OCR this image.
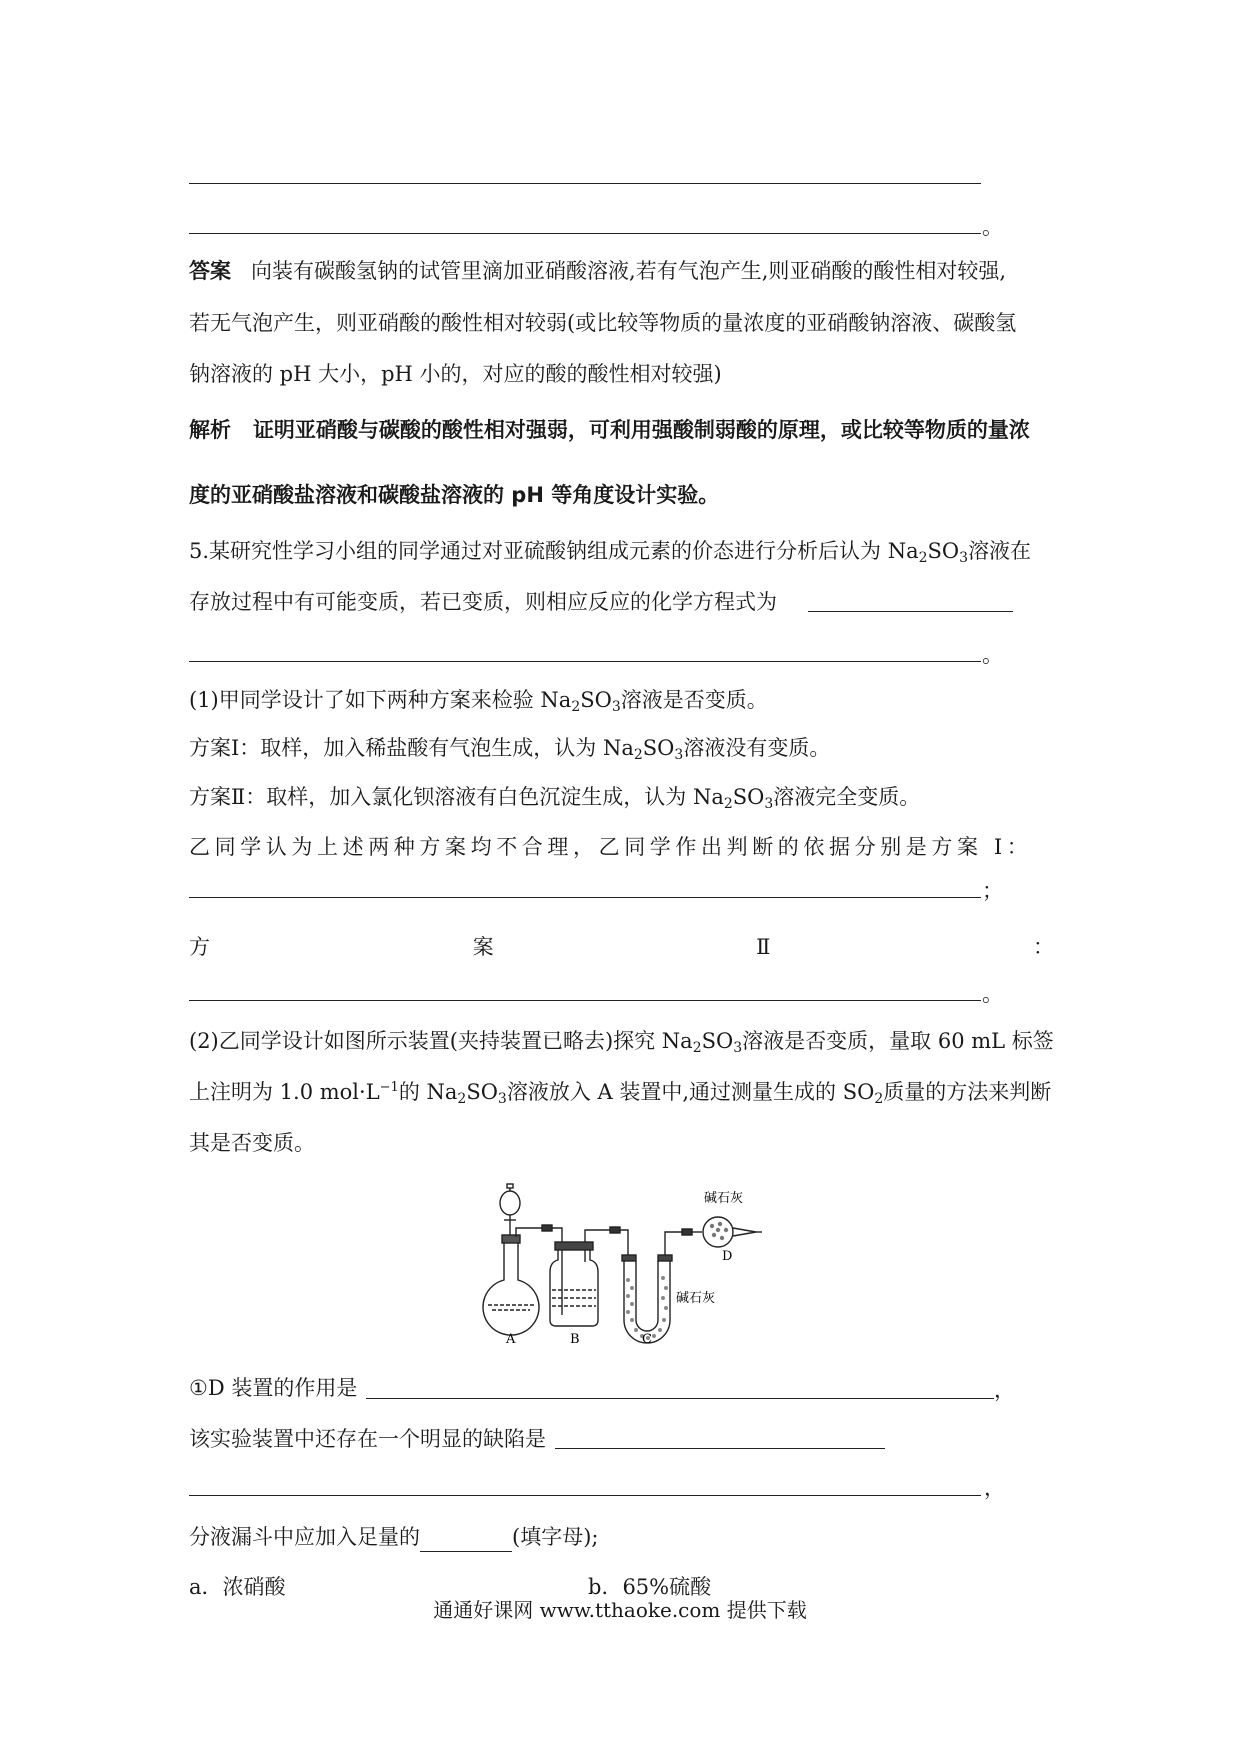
。
答案 向装有碳酸氢钠的试管里滴加亚硝酸溶液,若有气泡产生,则亚硝酸的酸性相对较强,
若无气泡产生，则亚硝酸的酸性相对较弱(或比较等物质的量浓度的亚硝酸钠溶液、碳酸氢
钠溶液的 pH 大小，pH 小的，对应的酸的酸性相对较强)
解析 证明亚硝酸与碳酸的酸性相对强弱，可利用强酸制弱酸的原理，或比较等物质的量浓
度的亚硝酸盐溶液和碳酸盐溶液的 pH 等角度设计实验。
5.某研究性学习小组的同学通过对亚硫酸钠组成元素的价态进行分析后认为 $Na_2SO_3$溶液在
存放过程中有可能变质，若已变质，则相应反应的化学方程式为
。
(1)甲同学设计了如下两种方案来检验 $Na_2SO_3$溶液是否变质。
方案Ⅰ：取样，加入稀盐酸有气泡生成，认为 $Na_2SO_3$溶液没有变质。
方案Ⅱ：取样，加入氯化钡溶液有白色沉淀生成，认为 $Na_2SO_3$溶液完全变质。
乙同学认为上述两种方案均不合理，乙同学作出判断的依据分别是方案 Ⅰ：
；
方	案	Ⅱ	：
。
(2)乙同学设计如图所示装置(夹持装置已略去)探究 $Na_2SO_3$溶液是否变质，量取 60 mL 标签
上注明为 1.0 $mol\cdot L^{-1}$的 $Na_2SO_3$溶液放入 A 装置中,通过测量生成的 $SO_2$质量的方法来判断
其是否变质。
A	B	C
D
碱石灰
碱石灰
①D 装置的作用是	，
该实验装置中还存在一个明显的缺陷是
，
分液漏斗中应加入足量的	(填字母);
a．浓硝酸	b．65%硫酸
通通好课网 www.tthaoke.com 提供下载
